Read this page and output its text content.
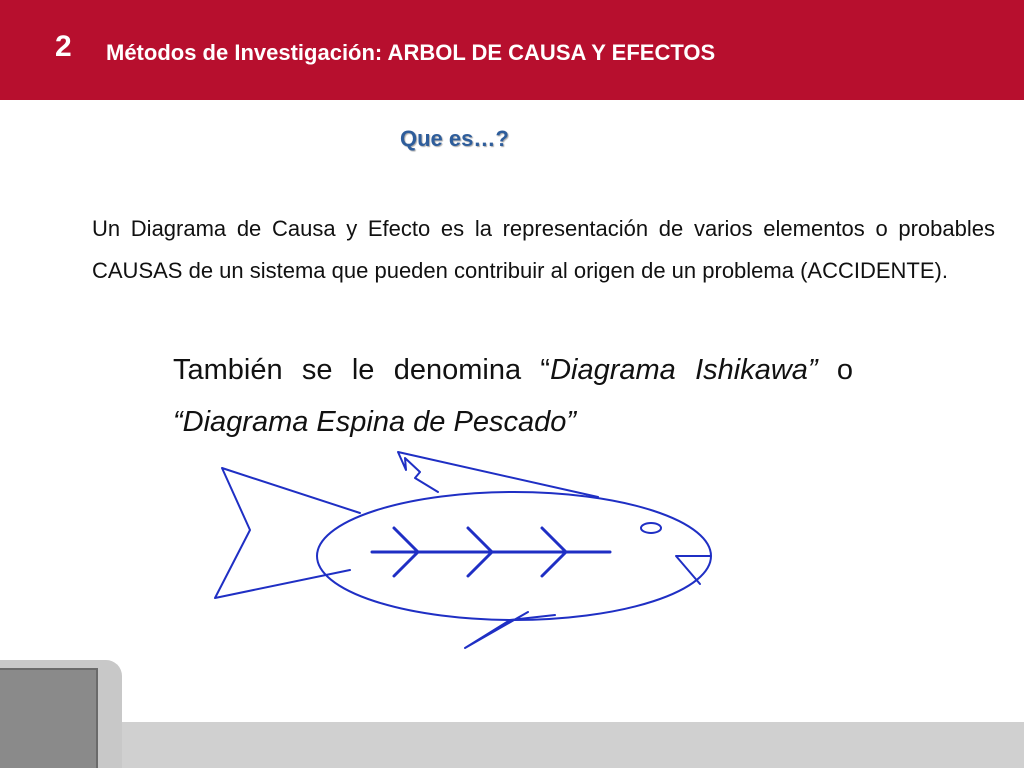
2 Métodos de Investigación: ARBOL DE CAUSA Y EFECTOS
Que es…?
Un Diagrama de Causa y Efecto es la representación de varios elementos o probables CAUSAS de un sistema que pueden contribuir al origen de un problema (ACCIDENTE).
También se le denomina “Diagrama Ishikawa” o “Diagrama Espina de Pescado”
